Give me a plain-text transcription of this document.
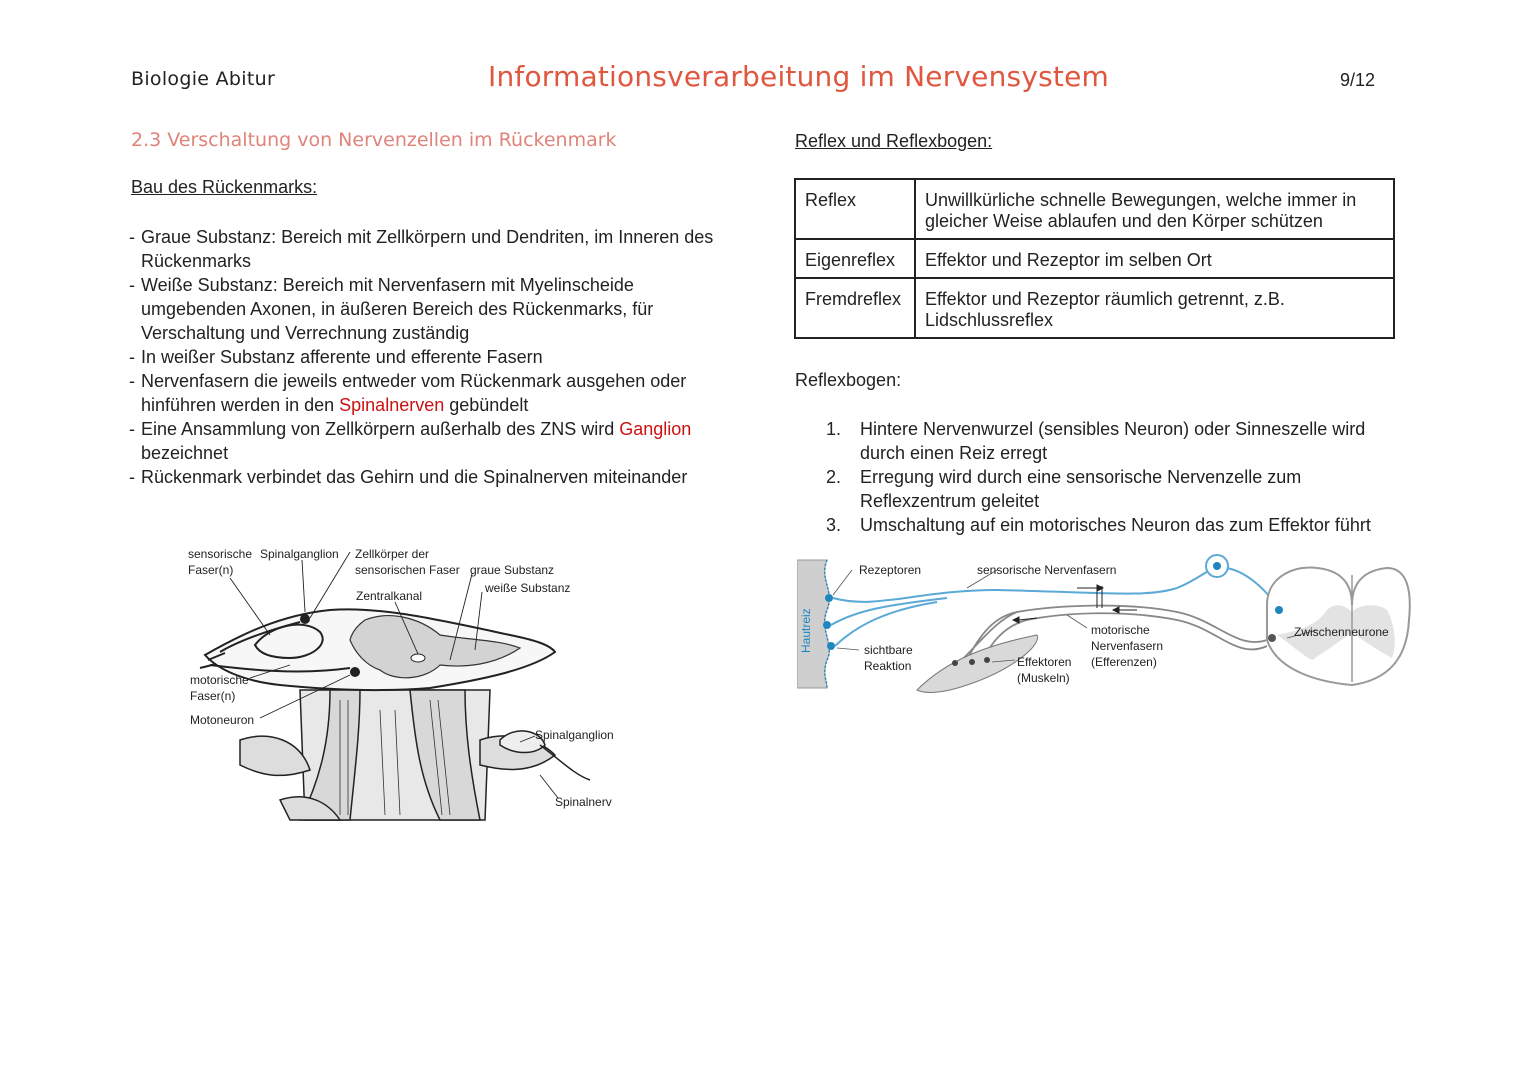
Biologie Abitur	Informationsverarbeitung im Nervensystem	9/12
2.3 Verschaltung von Nervenzellen im Rückenmark
Bau des Rückenmarks:
- Graue Substanz: Bereich mit Zellkörpern und Dendriten, im Inneren des Rückenmarks
- Weiße Substanz: Bereich mit Nervenfasern mit Myelinscheide umgebenden Axonen, in äußeren Bereich des Rückenmarks, für Verschaltung und Verrechnung zuständig
- In weißer Substanz afferente und efferente Fasern
- Nervenfasern die jeweils entweder vom Rückenmark ausgehen oder hinführen werden in den Spinalnerven gebündelt
- Eine Ansammlung von Zellkörpern außerhalb des ZNS wird Ganglion bezeichnet
- Rückenmark verbindet das Gehirn und die Spinalnerven miteinander
sensorische
Faser(n)
Spinalganglion Zellkörper der
sensorischen Faser graue Substanz
weiße Substanz
Zentralkanal
motorische
Faser(n)
Motoneuron
Spinalganglion
Spinalnerv
Reflex und Reflexbogen:
Reflex	Unwillkürliche schnelle Bewegungen, welche immer in gleicher Weise ablaufen und den Körper schützen
Eigenreflex	Effektor und Rezeptor im selben Ort
Fremdreflex	Effektor und Rezeptor räumlich getrennt, z.B. Lidschlussreflex
Reflexbogen:
1. Hintere Nervenwurzel (sensibles Neuron) oder Sinneszelle wird durch einen Reiz erregt
2. Erregung wird durch eine sensorische Nervenzelle zum Reflexzentrum geleitet
3. Umschaltung auf ein motorisches Neuron das zum Effektor führt
Hautreiz
Rezeptoren	sensorische Nervenfasern
sichtbare
Reaktion
motorische
Nervenfasern
(Efferenzen)
Effektoren
(Muskeln)
Zwischenneurone
